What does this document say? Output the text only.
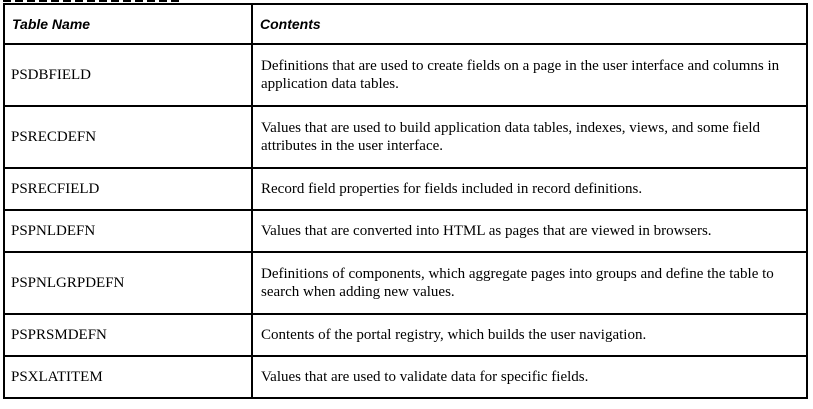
Table Name	Contents
PSDBFIELD	Definitions that are used to create fields on a page in the user interface and columns in application data tables.
PSRECDEFN	Values that are used to build application data tables, indexes, views, and some field attributes in the user interface.
PSRECFIELD	Record field properties for fields included in record definitions.
PSPNLDEFN	Values that are converted into HTML as pages that are viewed in browsers.
PSPNLGRPDEFN	Definitions of components, which aggregate pages into groups and define the table to search when adding new values.
PSPRSMDEFN	Contents of the portal registry, which builds the user navigation.
PSXLATITEM	Values that are used to validate data for specific fields.
